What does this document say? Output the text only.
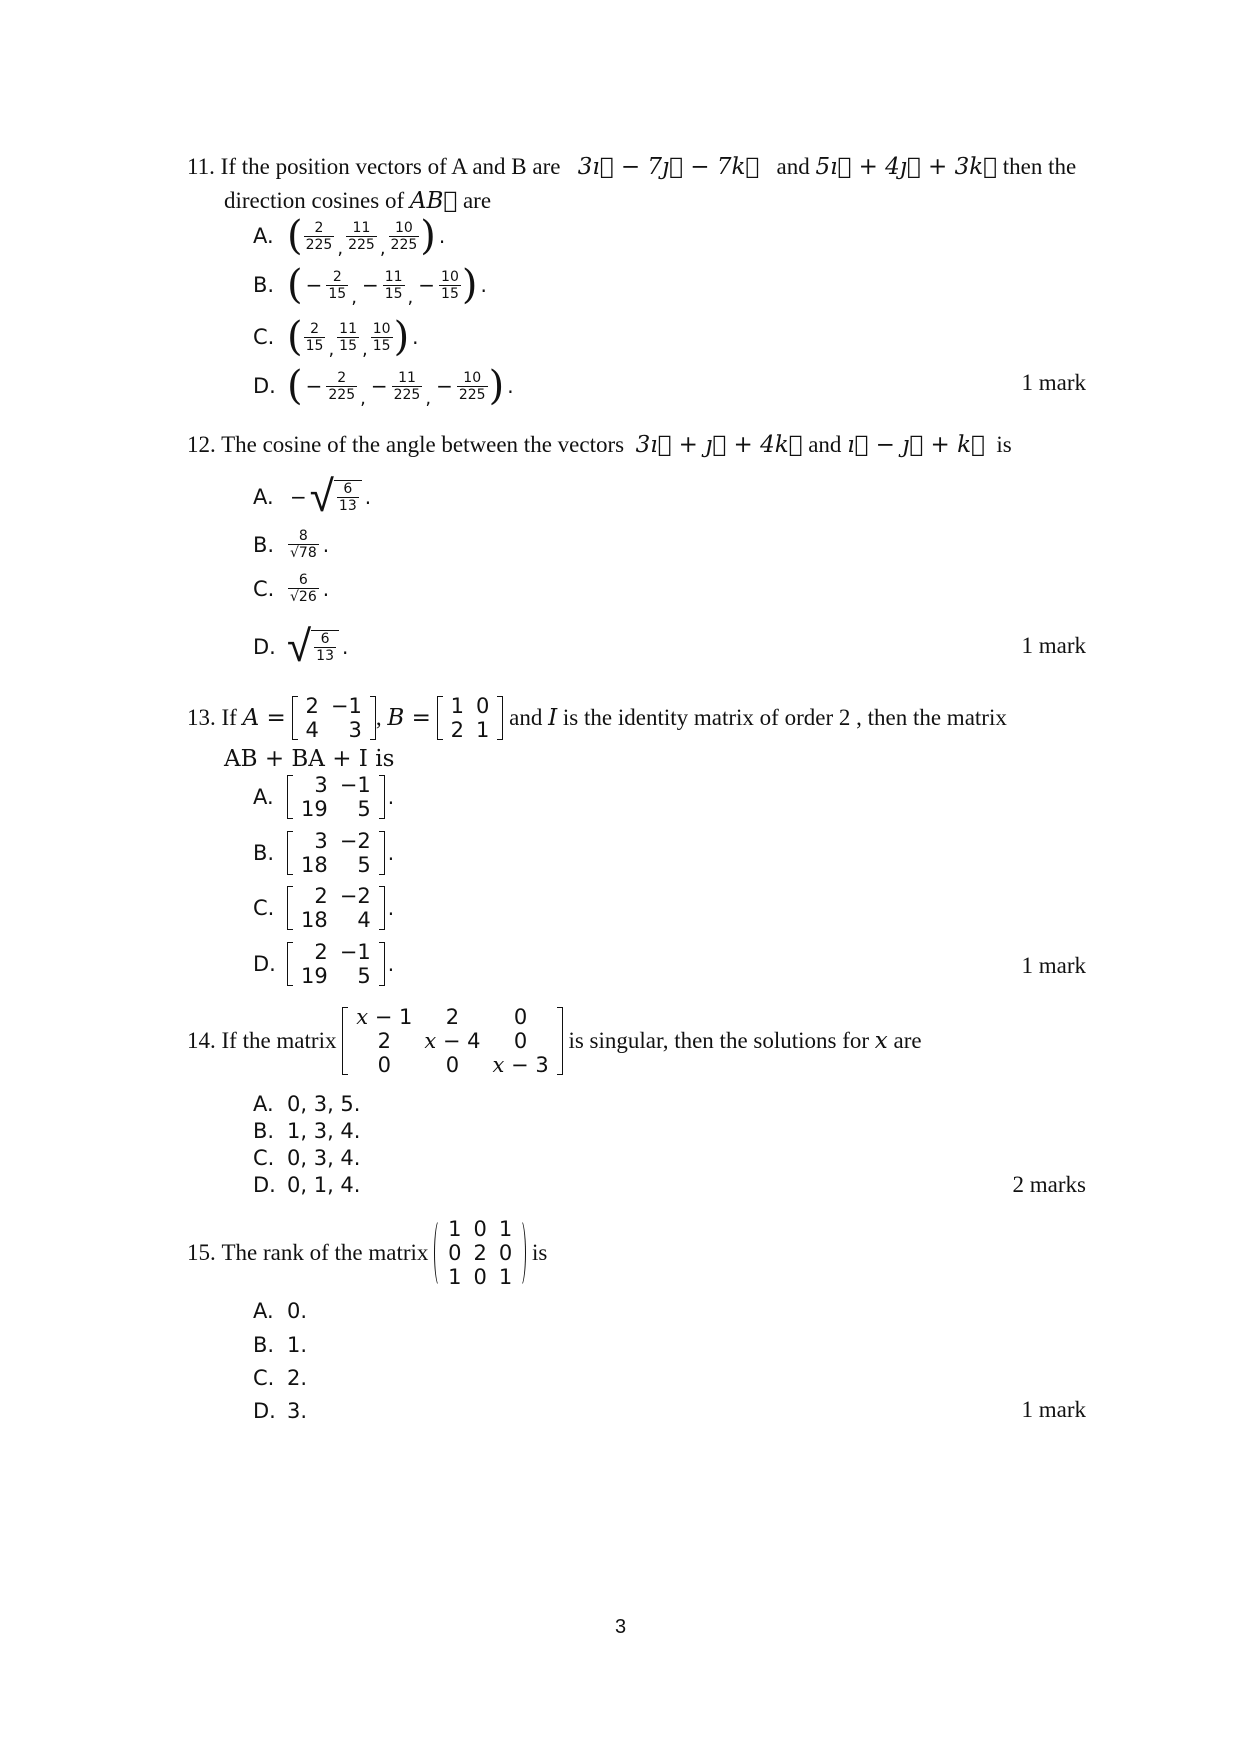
11. If the position vectors of A and B are 3ı⃗ − 7ȷ⃗ − 7k⃗ and 5ı⃗ + 4ȷ⃗ + 3k⃗ then the
direction cosines of AB⃗ are
1 mark
12. The cosine of the angle between the vectors 3ı⃗ + ȷ⃗ + 4k⃗ and ı⃗ − ȷ⃗ + k⃗ is
1 mark
13.
If
A =
2	−1
4	3 , B =
1	0
2	1
and I is the identity matrix of order 2 , then the matrix
AB + BA + I is
1 mark
14.
If the matrix

x − 1	2	0
2	x − 4	0
0	0	x − 3

is singular, then the solutions for x are
2 marks
15.
The rank of the matrix

1	0	1
0	2	0
1	0	1

is
1 mark
3
A. ( $\frac{2}{225}$ , $\frac{11}{225}$ , $\frac{10}{225}$ ) .
B. ( − $\frac{2}{15}$ ,
− $\frac{11}{15}$ ,
− $\frac{10}{15}$ ) .
C. ( $\frac{2}{15}$ , $\frac{11}{15}$ , $\frac{10}{15}$ ) .
D. ( − $\frac{2}{225}$ ,
− $\frac{11}{225}$ ,
− $\frac{10}{225}$ ) .
A. − √ $\frac{6}{13}$ .
B. $\frac{8}{√78}$ .
C. $\frac{6}{√26}$ .
D. √ $\frac{6}{13}$ .
A.	3	−1
19	5 .
B.	3	−2
18	5 .
C.	2	−2
18	4 .
D.	2	−1
19	5 .
A. 0, 3, 5.
B. 1, 3, 4.
C. 0, 3, 4.
D. 0, 1, 4.
A. 0.
B. 1.
C. 2.
D. 3.
